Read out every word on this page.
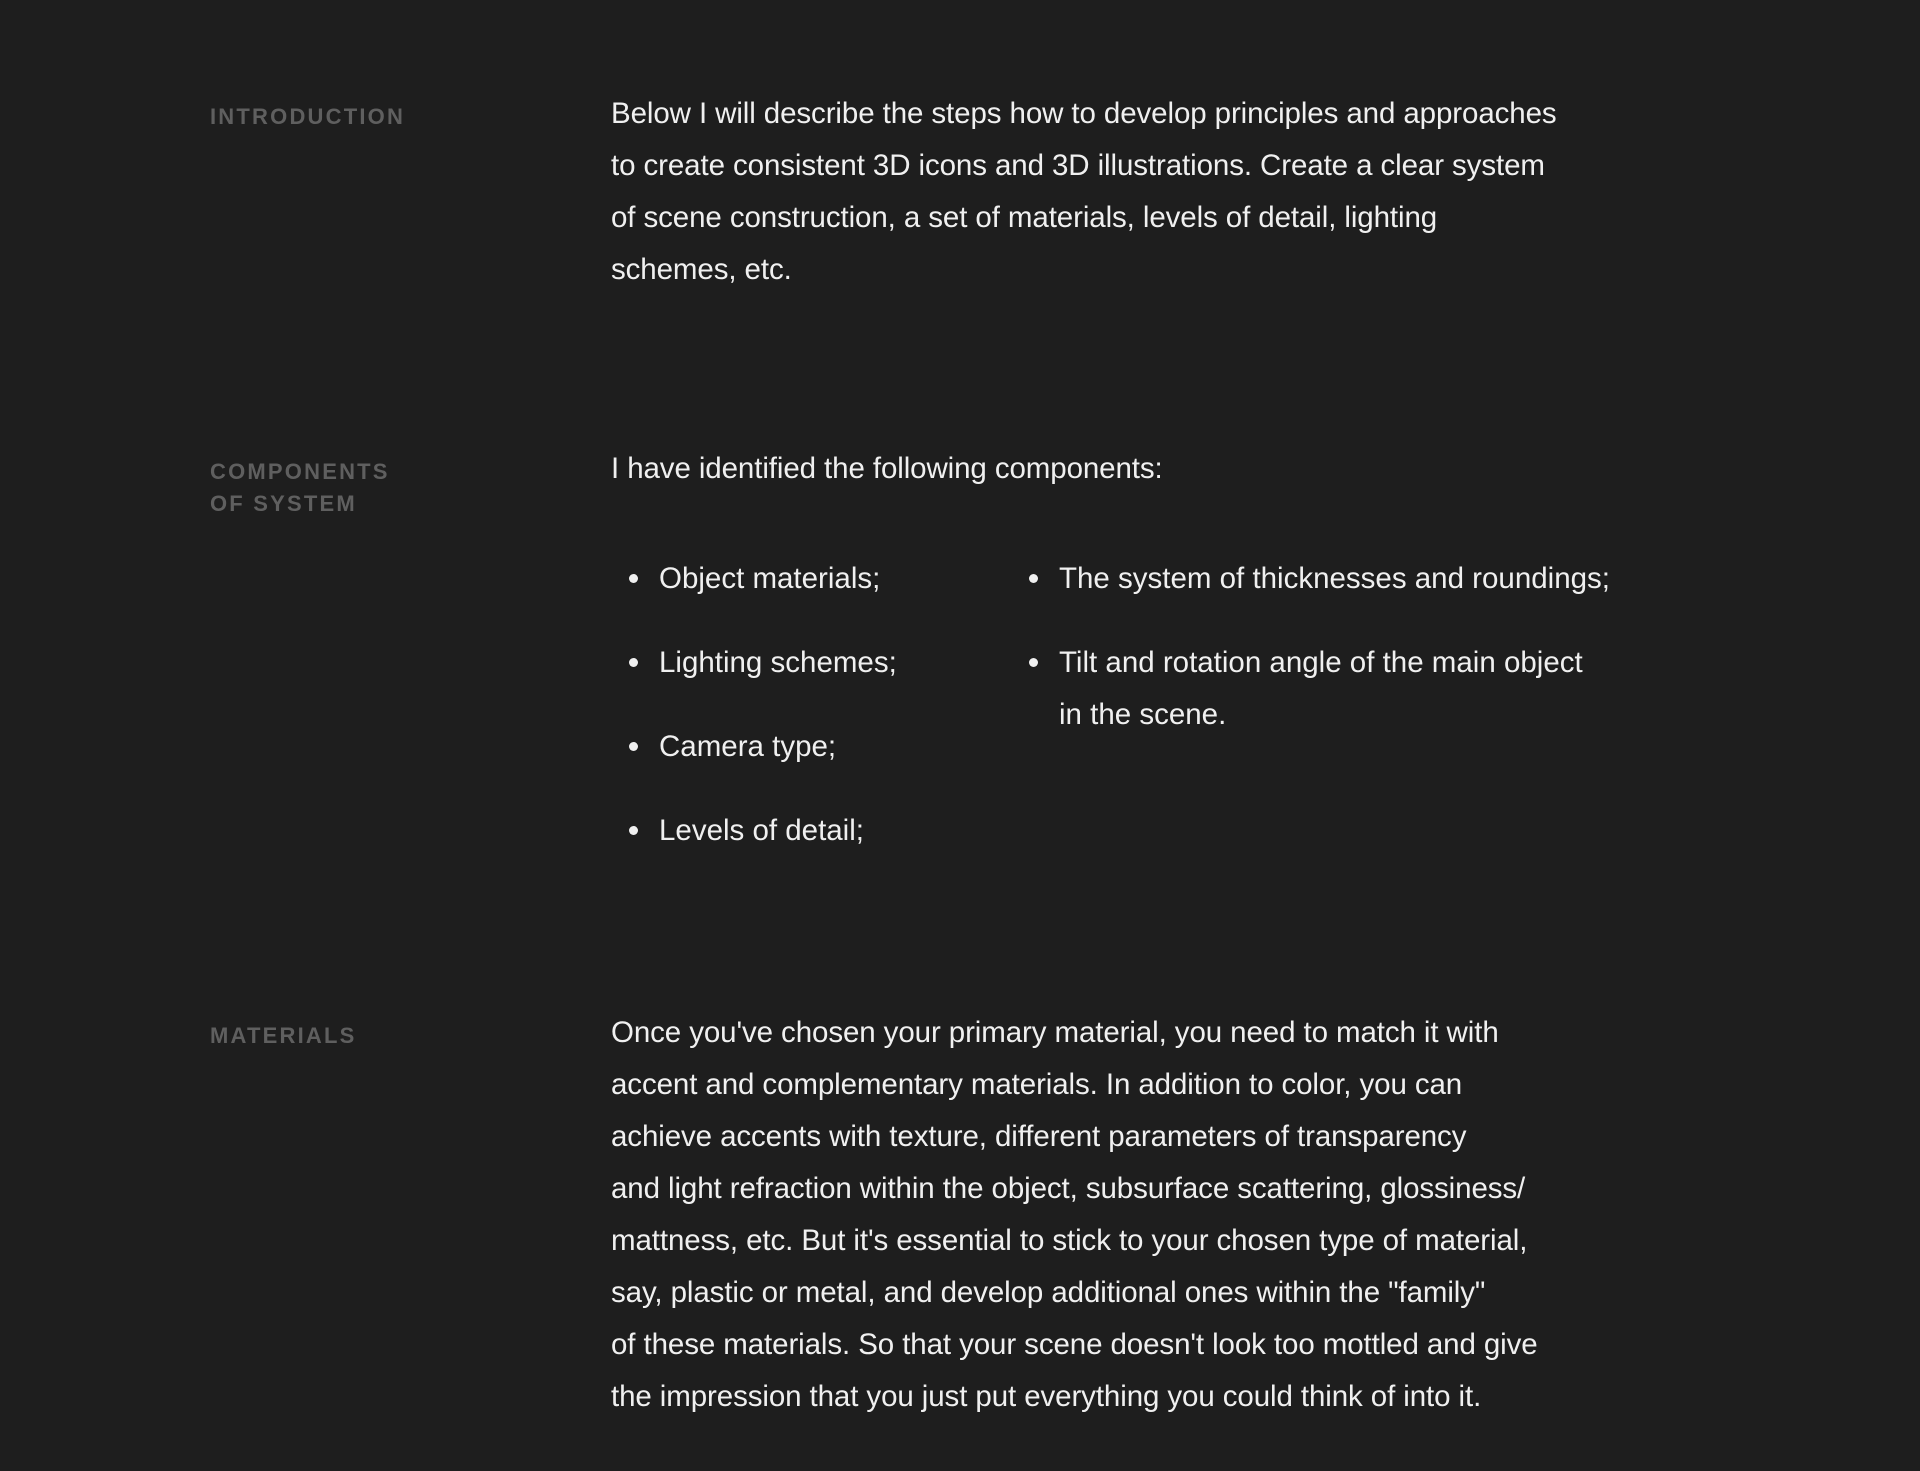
INTRODUCTION	Below I will describe the steps how to develop principles and approaches
to create consistent 3D icons and 3D illustrations. Create a clear system
of scene construction, a set of materials, levels of detail, lighting
schemes, etc.
COMPONENTS
OF SYSTEM
I have identified the following components:
Object materials;
Lighting schemes;
Camera type;
Levels of detail;
The system of thicknesses and roundings;
Tilt and rotation angle of the main object
in the scene.
MATERIALS	Once you've chosen your primary material, you need to match it with
accent and complementary materials. In addition to color, you can
achieve accents with texture, different parameters of transparency
and light refraction within the object, subsurface scattering, glossiness/
mattness, etc. But it's essential to stick to your chosen type of material,
say, plastic or metal, and develop additional ones within the "family"
of these materials. So that your scene doesn't look too mottled and give
the impression that you just put everything you could think of into it.
